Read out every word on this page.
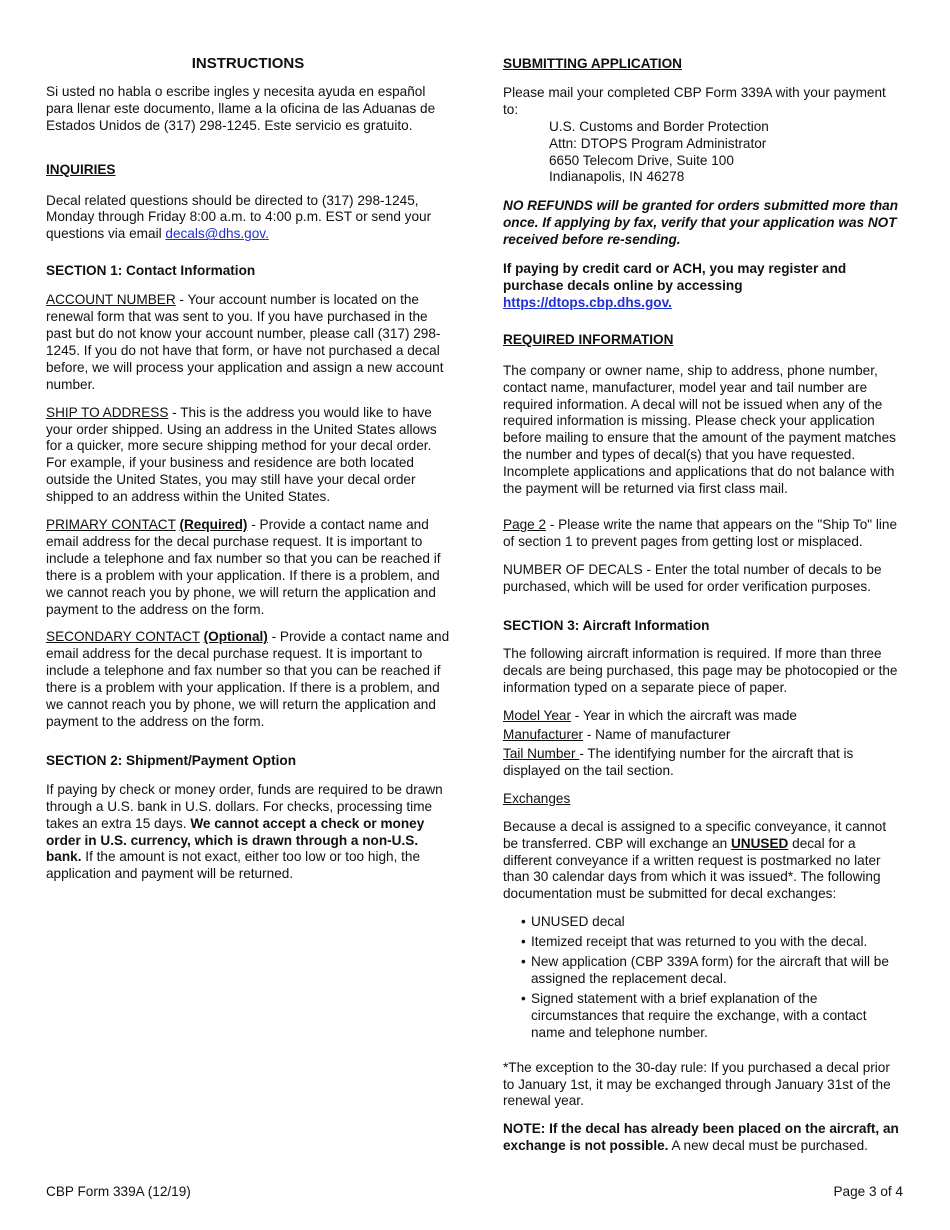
INSTRUCTIONS

Si usted no habla o escribe ingles y necesita ayuda en español para llenar este documento, llame a la oficina de las Aduanas de Estados Unidos de (317) 298-1245. Este servicio es gratuito.

INQUIRIES

Decal related questions should be directed to (317) 298-1245, Monday through Friday 8:00 a.m. to 4:00 p.m. EST or send your questions via email decals@dhs.gov.

SECTION 1: Contact Information

ACCOUNT NUMBER - Your account number is located on the renewal form that was sent to you. If you have purchased in the past but do not know your account number, please call (317) 298-1245. If you do not have that form, or have not purchased a decal before, we will process your application and assign a new account number.

SHIP TO ADDRESS - This is the address you would like to have your order shipped. Using an address in the United States allows for a quicker, more secure shipping method for your decal order. For example, if your business and residence are both located outside the United States, you may still have your decal order shipped to an address within the United States.

PRIMARY CONTACT (Required) - Provide a contact name and email address for the decal purchase request. It is important to include a telephone and fax number so that you can be reached if there is a problem with your application. If there is a problem, and we cannot reach you by phone, we will return the application and payment to the address on the form.

SECONDARY CONTACT (Optional) - Provide a contact name and email address for the decal purchase request. It is important to include a telephone and fax number so that you can be reached if there is a problem with your application. If there is a problem, and we cannot reach you by phone, we will return the application and payment to the address on the form.

SECTION 2: Shipment/Payment Option

If paying by check or money order, funds are required to be drawn through a U.S. bank in U.S. dollars. For checks, processing time takes an extra 15 days. We cannot accept a check or money order in U.S. currency, which is drawn through a non-U.S. bank. If the amount is not exact, either too low or too high, the application and payment will be returned.

SUBMITTING APPLICATION

Please mail your completed CBP Form 339A with your payment to:

U.S. Customs and Border Protection

Attn: DTOPS Program Administrator

6650 Telecom Drive, Suite 100

Indianapolis, IN 46278

NO REFUNDS will be granted for orders submitted more than once. If applying by fax, verify that your application was NOT received before re-sending.

If paying by credit card or ACH, you may register and purchase decals online by accessing https://dtops.cbp.dhs.gov.

REQUIRED INFORMATION

The company or owner name, ship to address, phone number, contact name, manufacturer, model year and tail number are required information. A decal will not be issued when any of the required information is missing. Please check your application before mailing to ensure that the amount of the payment matches the number and types of decal(s) that you have requested. Incomplete applications and applications that do not balance with the payment will be returned via first class mail.

Page 2 - Please write the name that appears on the "Ship To" line of section 1 to prevent pages from getting lost or misplaced.

NUMBER OF DECALS - Enter the total number of decals to be purchased, which will be used for order verification purposes.

SECTION 3: Aircraft Information

The following aircraft information is required. If more than three decals are being purchased, this page may be photocopied or the information typed on a separate piece of paper.

Model Year - Year in which the aircraft was made

Manufacturer - Name of manufacturer

Tail Number - The identifying number for the aircraft that is displayed on the tail section.

Exchanges

Because a decal is assigned to a specific conveyance, it cannot be transferred. CBP will exchange an UNUSED decal for a different conveyance if a written request is postmarked no later than 30 calendar days from which it was issued*. The following documentation must be submitted for decal exchanges:

• UNUSED decal
• Itemized receipt that was returned to you with the decal.
• New application (CBP 339A form) for the aircraft that will be assigned the replacement decal.
• Signed statement with a brief explanation of the circumstances that require the exchange, with a contact name and telephone number.

*The exception to the 30-day rule: If you purchased a decal prior to January 1st, it may be exchanged through January 31st of the renewal year.

NOTE: If the decal has already been placed on the aircraft, an exchange is not possible. A new decal must be purchased.

CBP Form 339A (12/19)	Page 3 of 4
